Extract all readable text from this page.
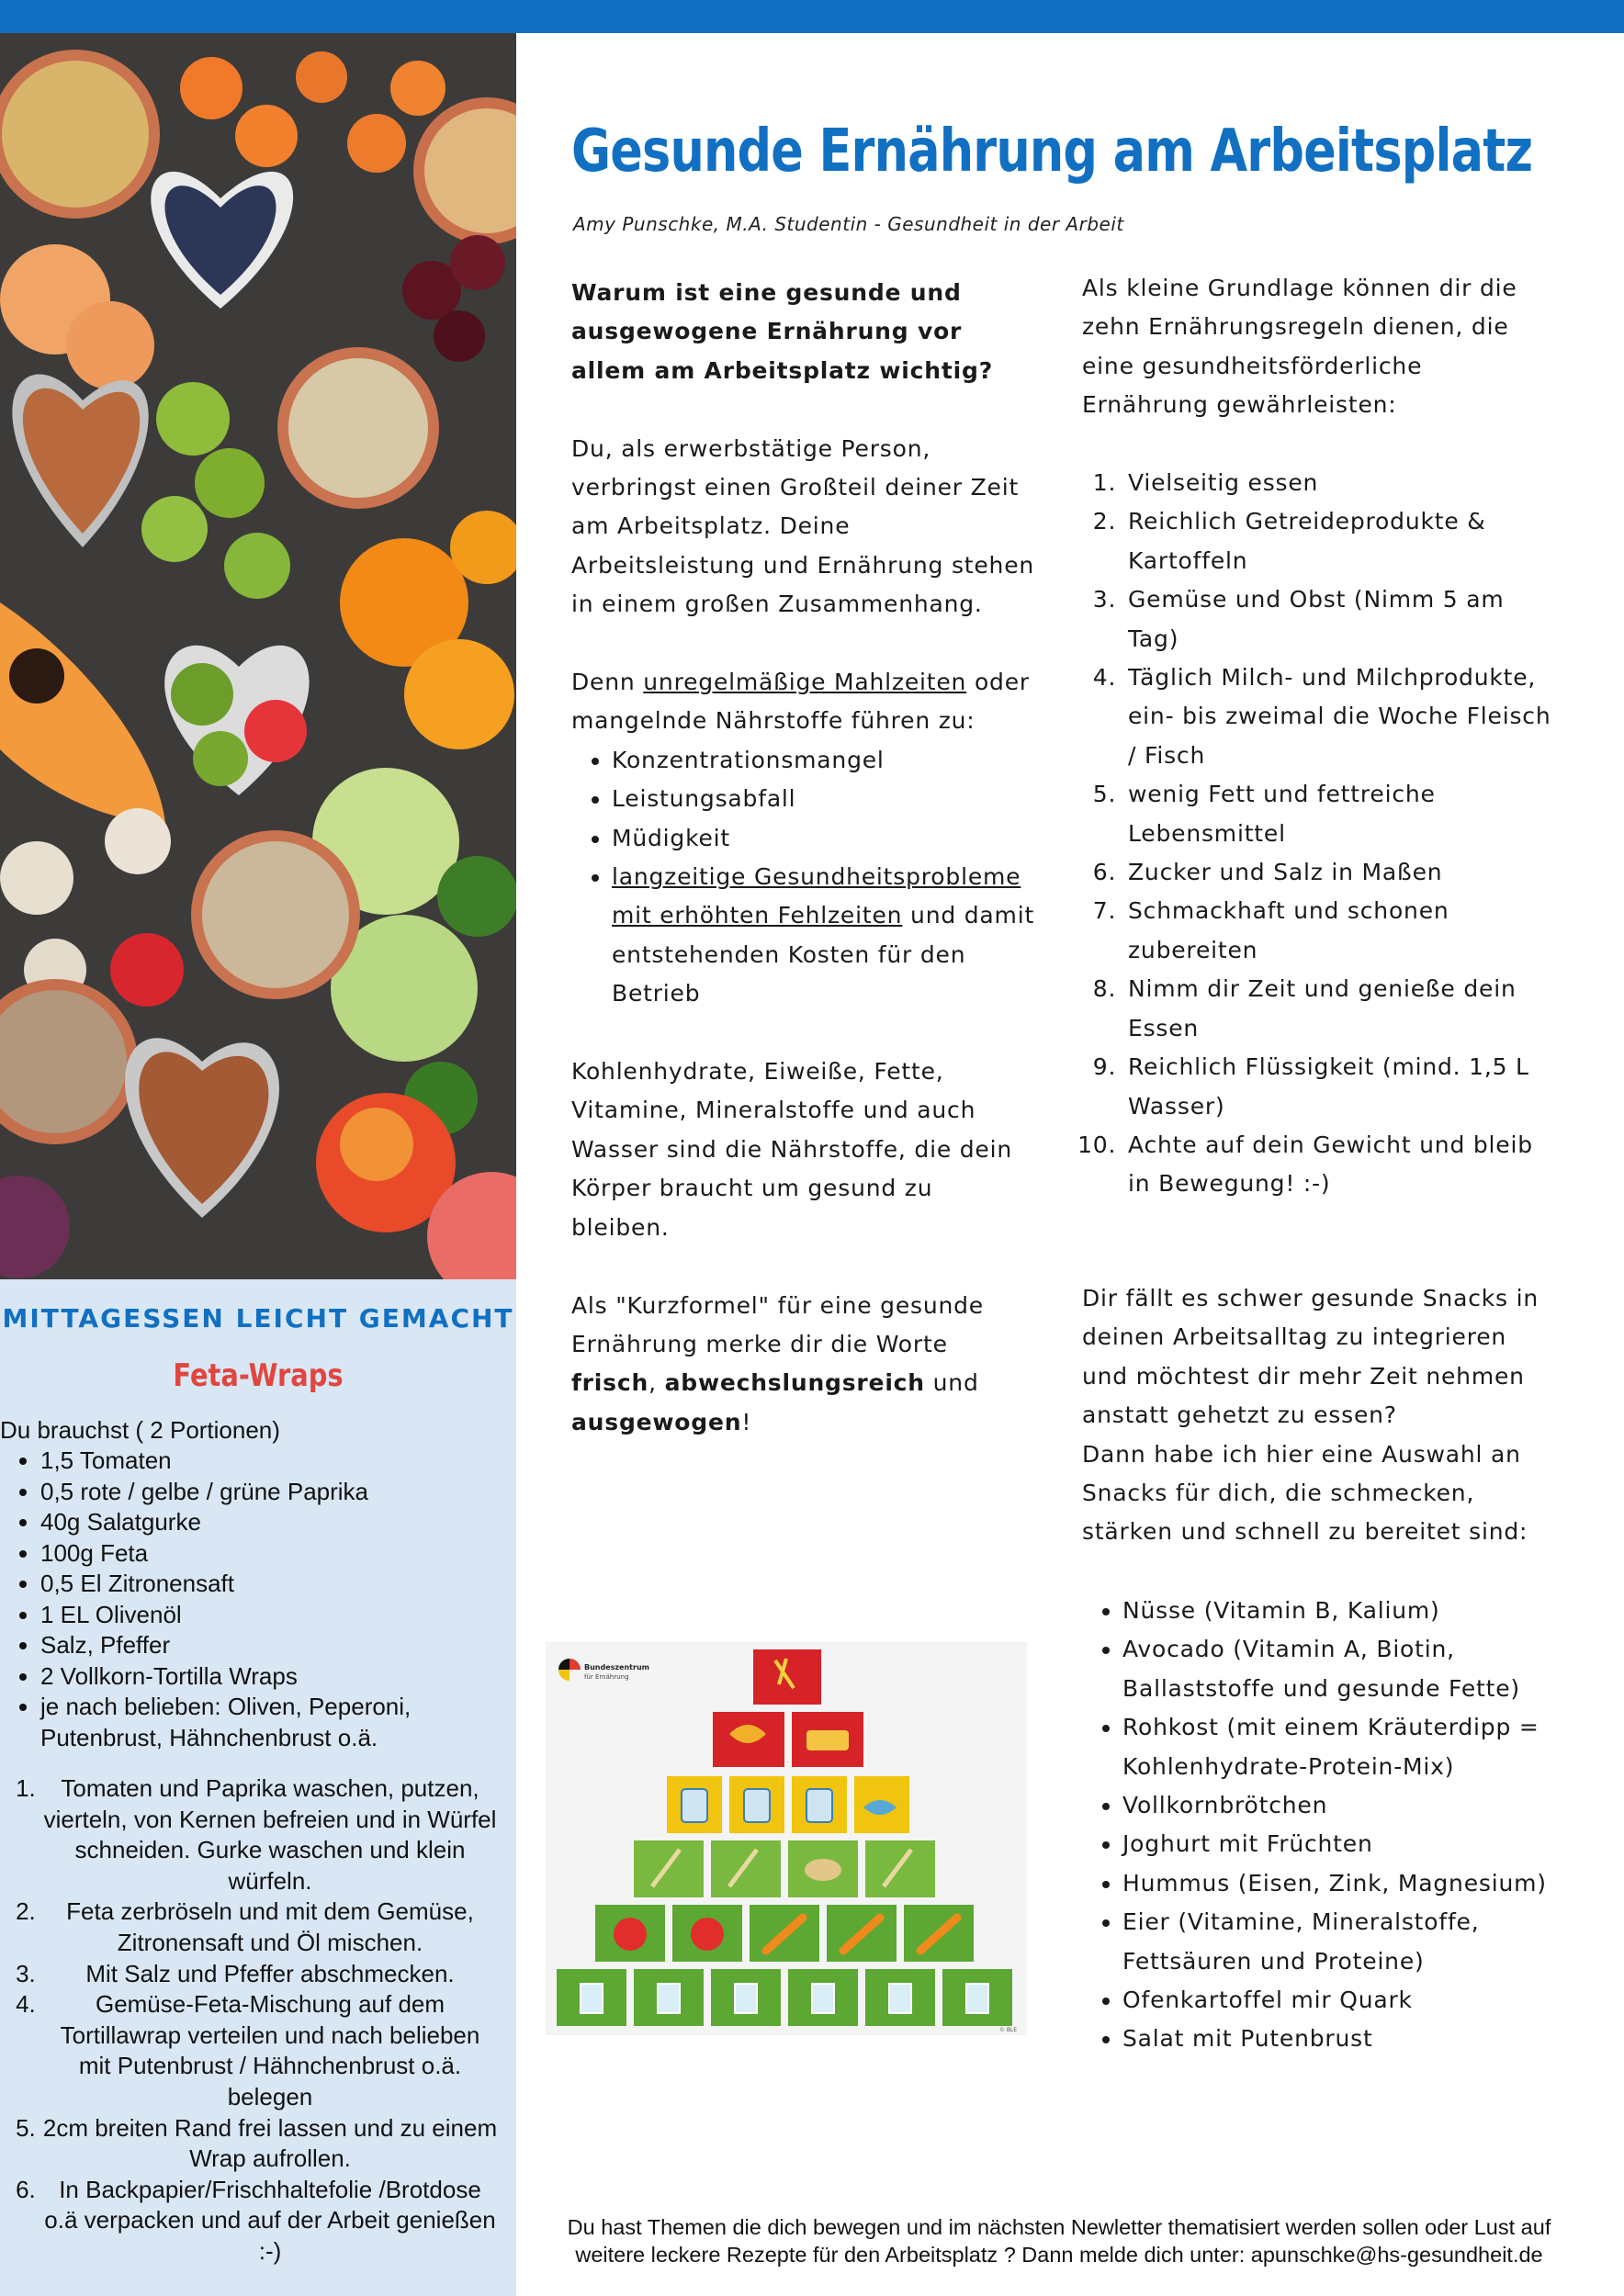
MITTAGESSEN LEICHT GEMACHT
Feta-Wraps
Du brauchst ( 2 Portionen)
• 1,5 Tomaten
• 0,5 rote / gelbe / grüne Paprika
• 40g Salatgurke
• 100g Feta
• 0,5 El Zitronensaft
• 1 EL Olivenöl
• Salz, Pfeffer
• 2 Vollkorn-Tortilla Wraps
• je nach belieben: Oliven, Peperoni, Putenbrust, Hähnchenbrust o.ä.
1. Tomaten und Paprika waschen, putzen, vierteln, von Kernen befreien und in Würfel schneiden. Gurke waschen und klein würfeln.
2. Feta zerbröseln und mit dem Gemüse, Zitronensaft und Öl mischen.
3. Mit Salz und Pfeffer abschmecken.
4. Gemüse-Feta-Mischung auf dem Tortillawrap verteilen und nach belieben mit Putenbrust / Hähnchenbrust o.ä. belegen
5. 2cm breiten Rand frei lassen und zu einem Wrap aufrollen.
6. In Backpapier/Frischhaltefolie /Brotdose o.ä verpacken und auf der Arbeit genießen :-)
Gesunde Ernährung am Arbeitsplatz
Amy Punschke, M.A. Studentin - Gesundheit in der Arbeit

Warum ist eine gesunde und ausgewogene Ernährung vor allem am Arbeitsplatz wichtig?

Du, als erwerbstätige Person, verbringst einen Großteil deiner Zeit am Arbeitsplatz. Deine Arbeitsleistung und Ernährung stehen in einem großen Zusammenhang.

Denn unregelmäßige Mahlzeiten oder mangelnde Nährstoffe führen zu:

• Konzentrationsmangel
• Leistungsabfall
• Müdigkeit
• langzeitige Gesundheitsprobleme mit erhöhten Fehlzeiten und damit entstehenden Kosten für den Betrieb

Kohlenhydrate, Eiweiße, Fette, Vitamine, Mineralstoffe und auch Wasser sind die Nährstoffe, die dein Körper braucht um gesund zu bleiben.

Als "Kurzformel" für eine gesunde Ernährung merke dir die Worte frisch, abwechslungsreich und ausgewogen!

Als kleine Grundlage können dir die zehn Ernährungsregeln dienen, die eine gesundheitsförderliche Ernährung gewährleisten:

1. Vielseitig essen
2. Reichlich Getreideprodukte & Kartoffeln
3. Gemüse und Obst (Nimm 5 am Tag)
4. Täglich Milch- und Milchprodukte, ein- bis zweimal die Woche Fleisch / Fisch
5. wenig Fett und fettreiche Lebensmittel
6. Zucker und Salz in Maßen
7. Schmackhaft und schonen zubereiten
8. Nimm dir Zeit und genieße dein Essen
9. Reichlich Flüssigkeit (mind. 1,5 L Wasser)
10. Achte auf dein Gewicht und bleib in Bewegung! :-)

Dir fällt es schwer gesunde Snacks in deinen Arbeitsalltag zu integrieren und möchtest dir mehr Zeit nehmen anstatt gehetzt zu essen?

Dann habe ich hier eine Auswahl an Snacks für dich, die schmecken, stärken und schnell zu bereitet sind:

• Nüsse (Vitamin B, Kalium)
• Avocado (Vitamin A, Biotin, Ballaststoffe und gesunde Fette)
• Rohkost (mit einem Kräuterdipp = Kohlenhydrate-Protein-Mix)
• Vollkornbrötchen
• Joghurt mit Früchten
• Hummus (Eisen, Zink, Magnesium)
• Eier (Vitamine, Mineralstoffe, Fettsäuren und Proteine)
• Ofenkartoffel mir Quark
• Salat mit Putenbrust
Bundeszentrum
für Ernährung
© BLE
Du hast Themen die dich bewegen und im nächsten Newletter thematisiert werden sollen oder Lust auf weitere leckere Rezepte für den Arbeitsplatz ? Dann melde dich unter: apunschke@hs-gesundheit.de
